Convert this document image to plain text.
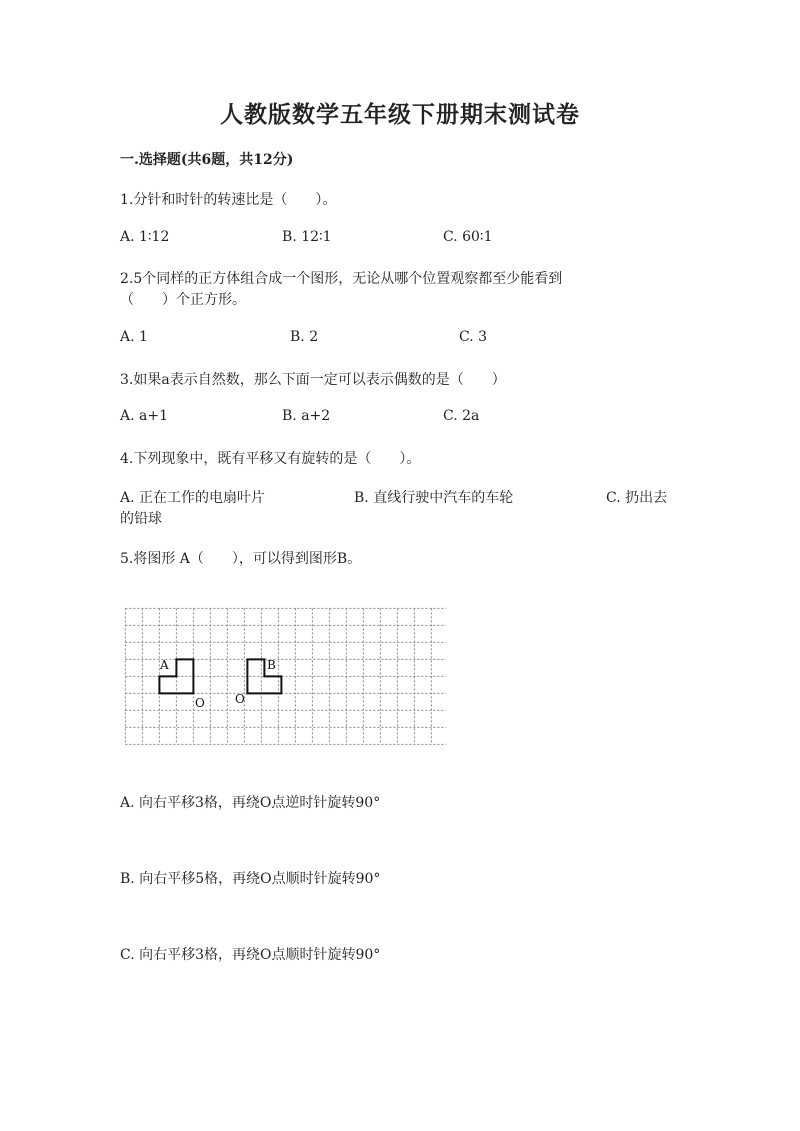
人教版数学五年级下册期末测试卷
一.选择题(共6题，共12分)
1.分针和时针的转速比是（　　）。
A. 1∶12	B. 12∶1	C. 60∶1
2.5个同样的正方体组合成一个图形，无论从哪个位置观察都至少能看到
（　　）个正方形。
A. 1	B. 2	C. 3
3.如果a表示自然数，那么下面一定可以表示偶数的是（　　）
A. a+1	B. a+2	C. 2a
4.下列现象中，既有平移又有旋转的是（　　）。
A. 正在工作的电扇叶片	B. 直线行驶中汽车的车轮	C. 扔出去
的铅球
5.将图形 A（　　），可以得到图形B。
A	B
O	O
A. 向右平移3格，再绕O点逆时针旋转90°
B. 向右平移5格，再绕O点顺时针旋转90°
C. 向右平移3格，再绕O点顺时针旋转90°
